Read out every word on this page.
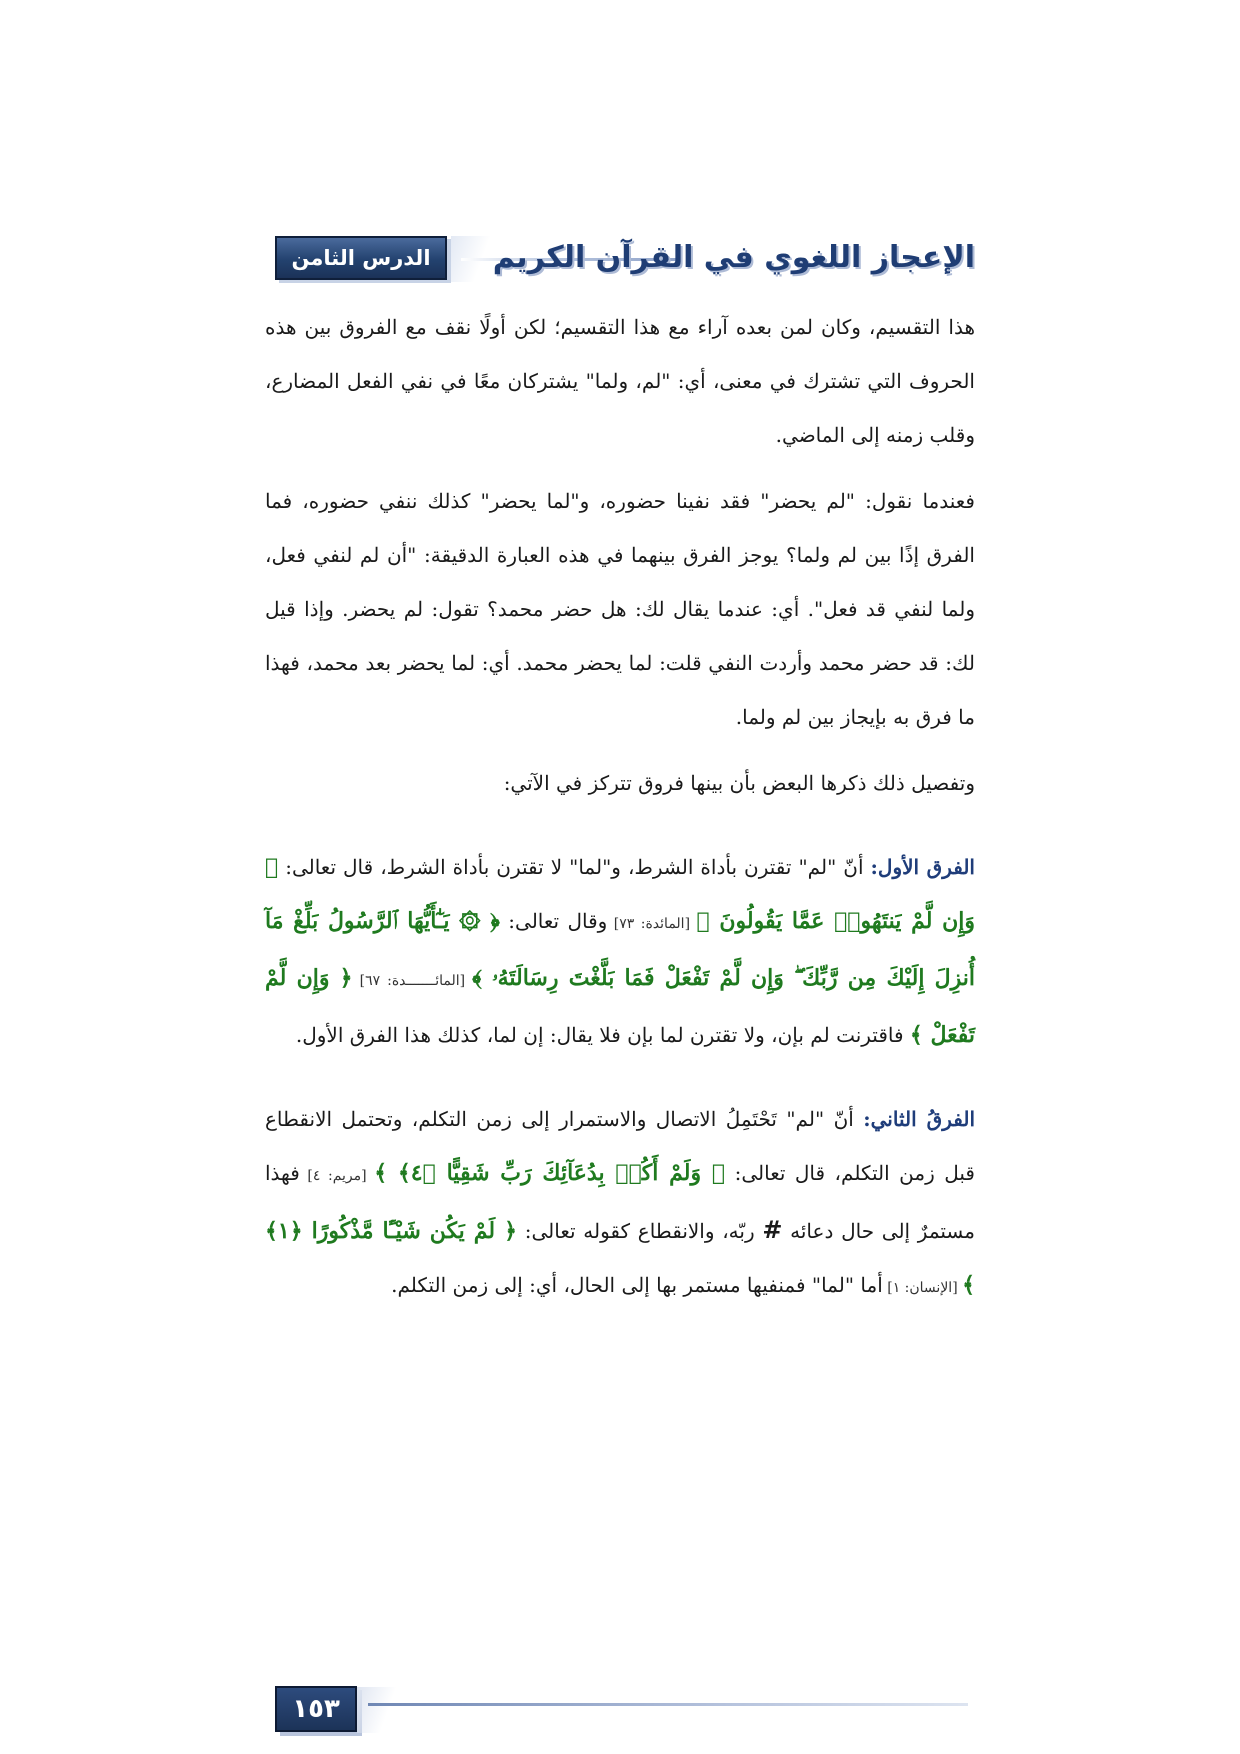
الدرس الثامن	الإعجاز اللغوي في القرآن الكريم

هذا التقسيم، وكان لمن بعده آراء مع هذا التقسيم؛ لكن أولًا نقف مع الفروق بين هذه الحروف التي تشترك في معنى، أي: "لم، ولما" يشتركان معًا في نفي الفعل المضارع، وقلب زمنه إلى الماضي.

فعندما نقول: "لم يحضر" فقد نفينا حضوره، و"لما يحضر" كذلك ننفي حضوره، فما الفرق إذًا بين لم ولما؟ يوجز الفرق بينهما في هذه العبارة الدقيقة: "أن لم لنفي فعل، ولما لنفي قد فعل". أي: عندما يقال لك: هل حضر محمد؟ تقول: لم يحضر. وإذا قيل لك: قد حضر محمد وأردت النفي قلت: لما يحضر محمد. أي: لما يحضر بعد محمد، فهذا ما فرق به بإيجاز بين لم ولما.

وتفصيل ذلك ذكرها البعض بأن بينها فروق تتركز في الآتي:

الفرق الأول: أنّ "لم" تقترن بأداة الشرط، و"لما" لا تقترن بأداة الشرط، قال تعالى: ﴿ وَإِن لَّمْ يَنتَهُوا۟ عَمَّا يَقُولُونَ ﴾ [المائدة: ٧٣] وقال تعالى: ﴿ ۞ يَـٰٓأَيُّهَا ٱلرَّسُولُ بَلِّغْ مَآ أُنزِلَ إِلَيْكَ مِن رَّبِّكَ ۖ وَإِن لَّمْ تَفْعَلْ فَمَا بَلَّغْتَ رِسَالَتَهُۥ ﴾ [المائـــــــدة: ٦٧] ﴿ وَإِن لَّمْ تَفْعَلْ ﴾ فاقترنت لم بإن، ولا تقترن لما بإن فلا يقال: إن لما، كذلك هذا الفرق الأول.

الفرقُ الثاني: أنّ "لم" تَحْتَمِلُ الاتصال والاستمرار إلى زمن التكلم، وتحتمل الانقطاع قبل زمن التكلم، قال تعالى: ﴿ وَلَمْ أَكُنۢ بِدُعَآئِكَ رَبِّ شَقِيًّا ﴿٤﴾ ﴾ [مريم: ٤] فهذا مستمرٌ إلى حال دعائه # ربّه، والانقطاع كقوله تعالى: ﴿ لَمْ يَكُن شَيْـًٔا مَّذْكُورًا ﴿١﴾ ﴾ [الإنسان: ١] أما "لما" فمنفيها مستمر بها إلى الحال، أي: إلى زمن التكلم.

١٥٣
